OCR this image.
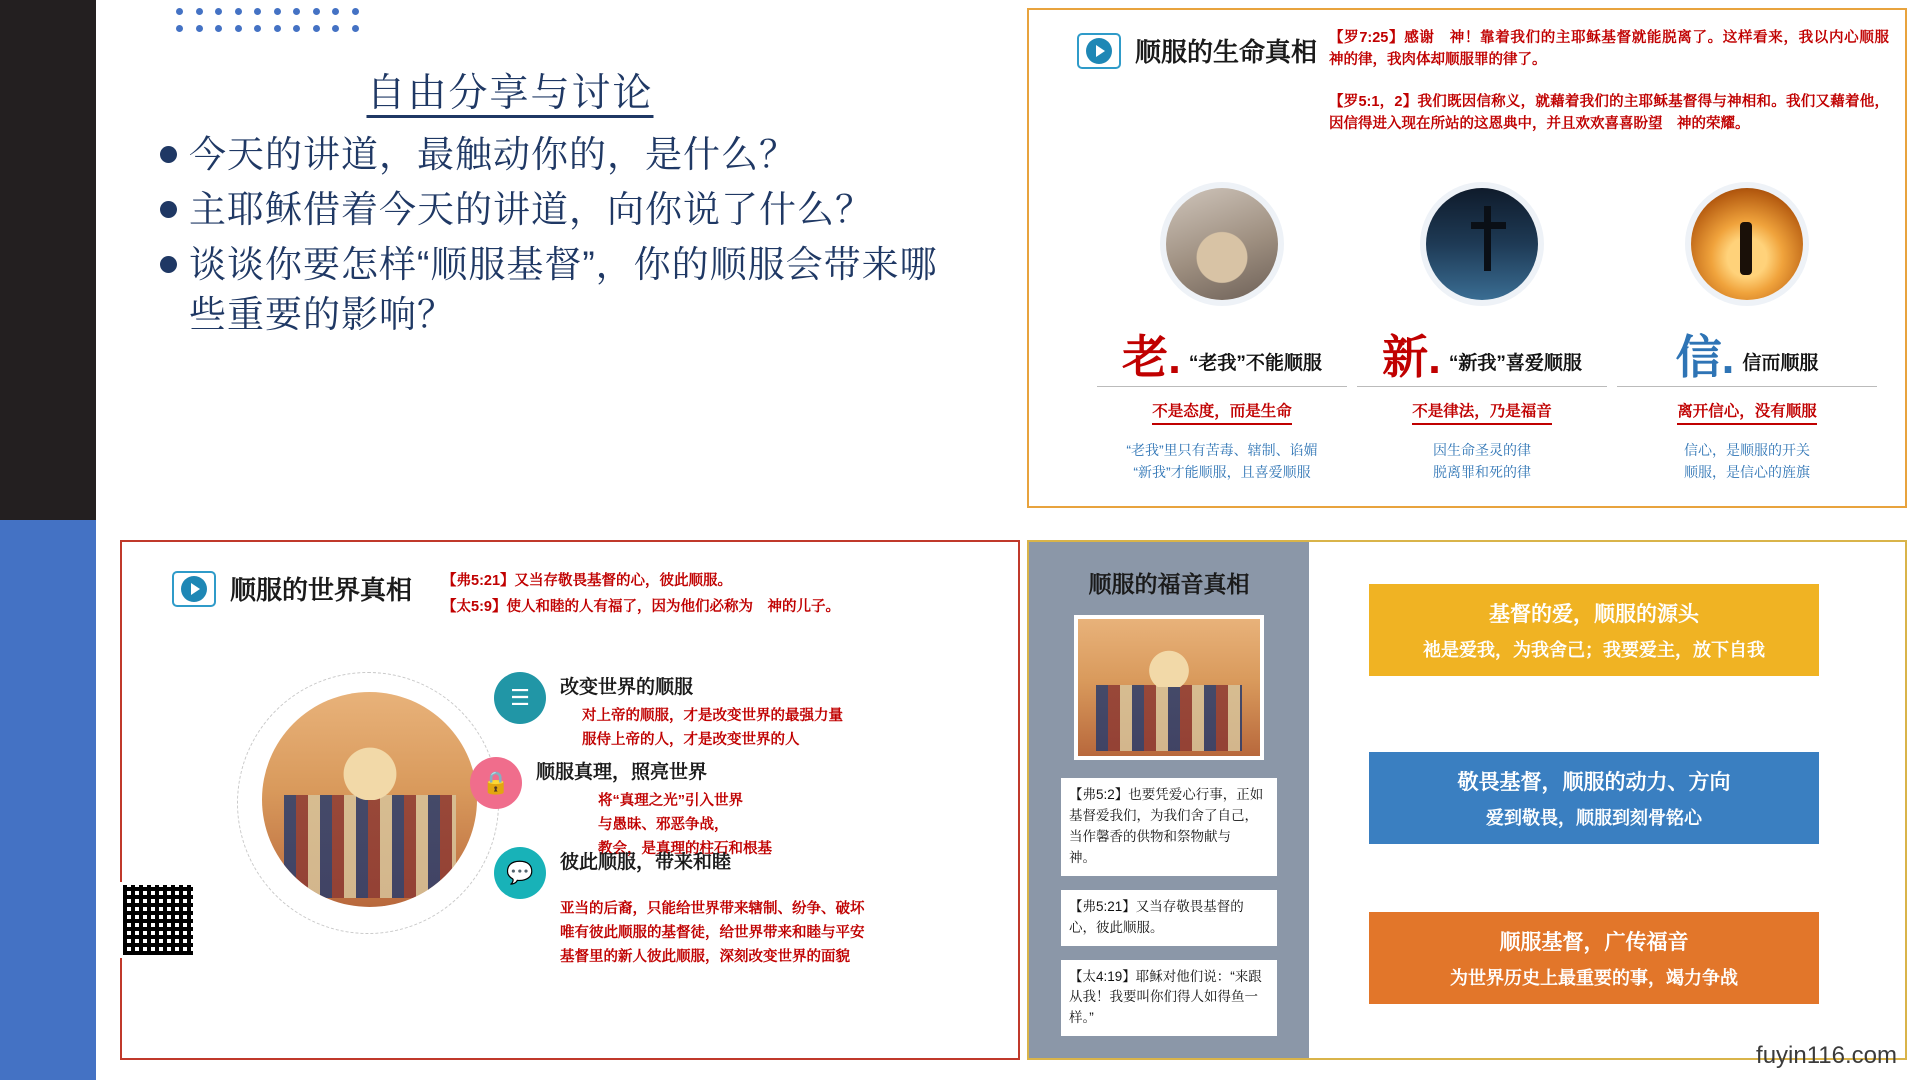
自由分享与讨论
今天的讲道，最触动你的，是什么？
主耶稣借着今天的讲道，向你说了什么？
谈谈你要怎样“顺服基督”，你的顺服会带来哪些重要的影响？
顺服的生命真相 【罗7:25】感谢　神！靠着我们的主耶稣基督就能脱离了。这样看来，我以内心顺服　神的律，我肉体却顺服罪的律了。
【罗5:1，2】我们既因信称义，就藉着我们的主耶稣基督得与神相和。我们又藉着他，因信得进入现在所站的这恩典中，并且欢欢喜喜盼望　神的荣耀。
老. “老我”不能顺服
不是态度，而是生命
“老我”里只有苦毒、辖制、谄媚
“新我”才能顺服，且喜爱顺服
新. “新我”喜爱顺服
不是律法，乃是福音
因生命圣灵的律
脱离罪和死的律
信. 信而顺服
离开信心，没有顺服
信心，是顺服的开关
顺服，是信心的旌旗
顺服的世界真相 【弗5:21】又当存敬畏基督的心，彼此顺服。
【太5:9】使人和睦的人有福了，因为他们必称为　神的儿子。
☰	改变世界的顺服
对上帝的顺服，才是改变世界的最强力量
服侍上帝的人，才是改变世界的人
🔒	顺服真理，照亮世界
将“真理之光”引入世界
与愚昧、邪恶争战，
教会，是真理的柱石和根基
💬	彼此顺服，带来和睦
亚当的后裔，只能给世界带来辖制、纷争、破坏
唯有彼此顺服的基督徒，给世界带来和睦与平安
基督里的新人彼此顺服，深刻改变世界的面貌
顺服的福音真相
【弗5:2】也要凭爱心行事，正如基督爱我们，为我们舍了自己，当作馨香的供物和祭物献与　神。
【弗5:21】又当存敬畏基督的心，彼此顺服。
【太4:19】耶稣对他们说：“来跟从我！我要叫你们得人如得鱼一样。”
基督的爱，顺服的源头
祂是爱我，为我舍己；我要爱主，放下自我
敬畏基督，顺服的动力、方向
爱到敬畏，顺服到刻骨铭心
顺服基督，广传福音
为世界历史上最重要的事，竭力争战
fuyin116.com
